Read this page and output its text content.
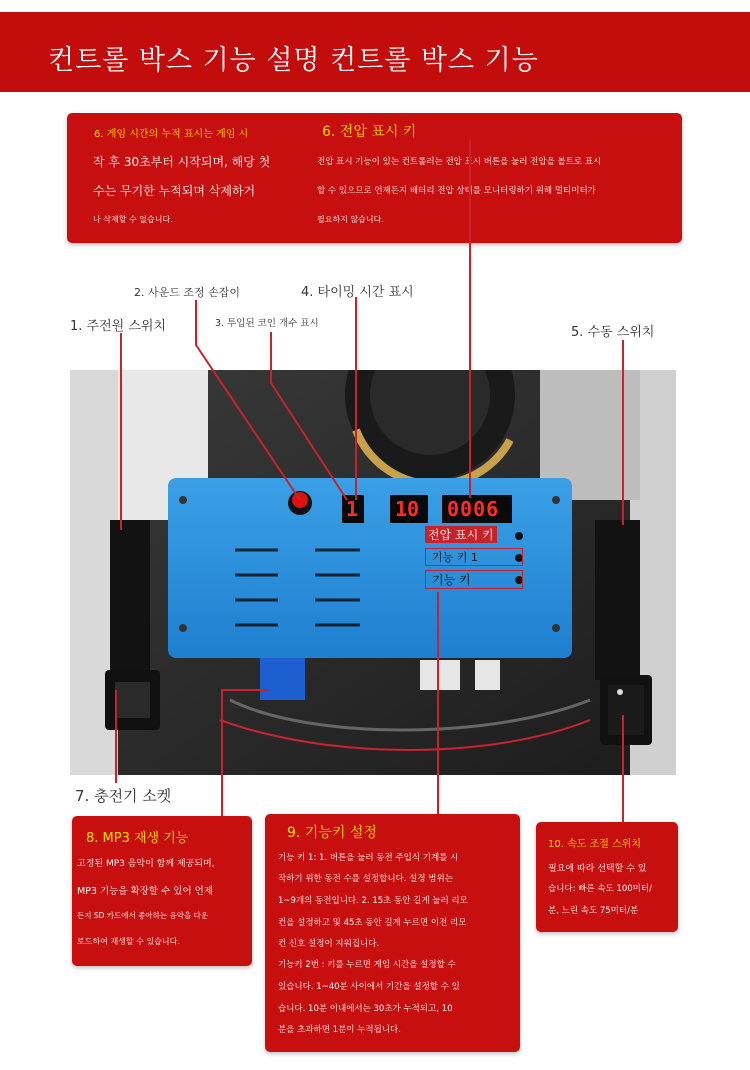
컨트롤 박스 기능 설명 컨트롤 박스 기능

6. 게임 시간의 누적 표시는 게임 시

작 후 30초부터 시작되며, 해당 첫

수는 무기한 누적되며 삭제하거

나 삭제할 수 없습니다.

6. 전압 표시 키

전압 표시 기능이 있는 컨트롤러는 전압 표시 버튼을 눌러 전압을 볼트로 표시

할 수 있으므로 언제든지 배터리 전압 상태를 모니터링하기 위해 멀티미터가

필요하지 않습니다.

2. 사운드 조정 손잡이	4. 타이밍 시간 표시
1. 주전원 스위치	3. 투입된 코인 개수 표시
5. 수동 스위치
1 10 0006
전압 표시 키
기능 키 1
기능 키
7. 충전기 소켓

8. MP3 재생 기능

고정된 MP3 음악이 함께 제공되며,

MP3 기능을 확장할 수 있어 언제

든지 SD 카드에서 좋아하는 음악을 다운

로드하여 재생할 수 있습니다.

9. 기능키 설정

기능 키 1: 1. 버튼을 눌러 동전 주입식 기계를 시

작하기 위한 동전 수를 설정합니다. 설정 범위는

1~9개의 동전입니다. 2. 15초 동안 길게 눌러 리모

컨을 설정하고 및 45초 동안 길게 누르면 이전 리모

컨 신호 설정이 지워집니다.

기능키 2번 : 키를 누르면 게임 시간을 설정할 수

있습니다. 1~40분 사이에서 기간을 설정할 수 있

습니다. 10분 이내에서는 30초가 누적되고, 10

분을 초과하면 1분이 누적됩니다.

10. 속도 조절 스위치

필요에 따라 선택할 수 있

습니다: 빠른 속도 100미터/

분, 느린 속도 75미터/분
